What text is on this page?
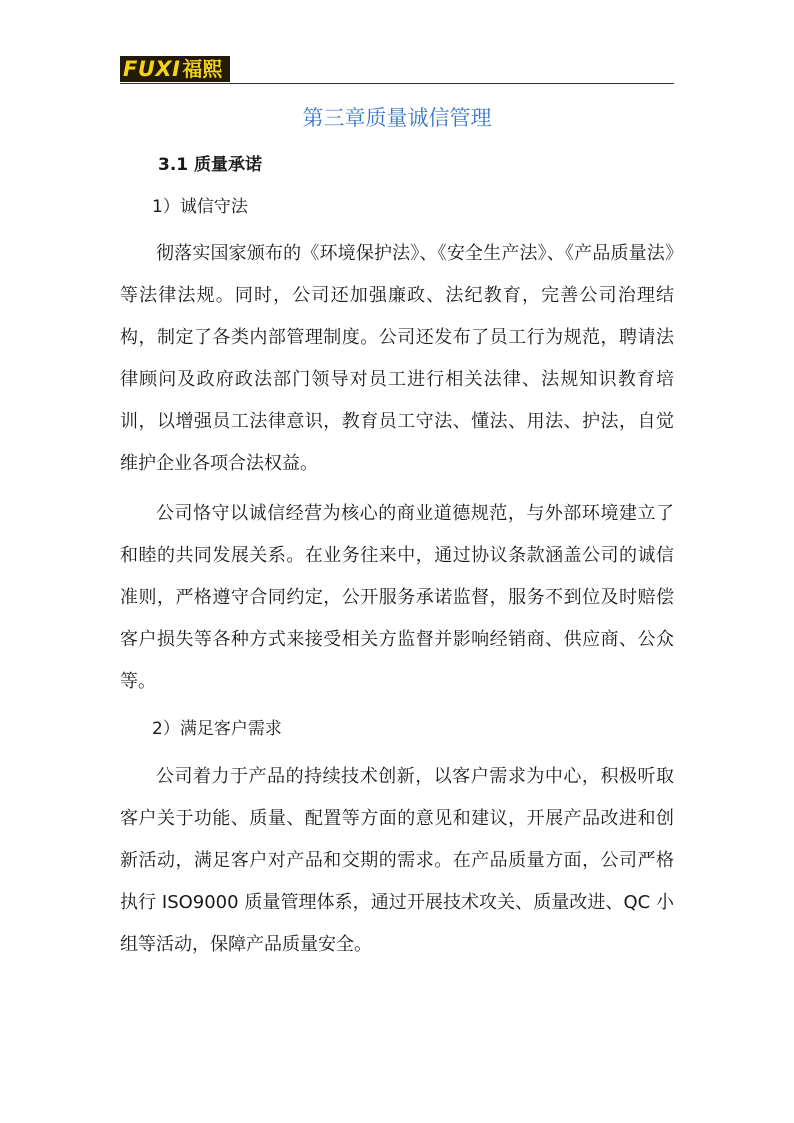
FUXI 福熙
第三章质量诚信管理
3.1 质量承诺
1）诚信守法
彻落实国家颁布的《环境保护法》、《安全生产法》、《产品质量法》等法律法规。同时，公司还加强廉政、法纪教育，完善公司治理结构，制定了各类内部管理制度。公司还发布了员工行为规范，聘请法律顾问及政府政法部门领导对员工进行相关法律、法规知识教育培训，以增强员工法律意识，教育员工守法、懂法、用法、护法，自觉维护企业各项合法权益。
公司恪守以诚信经营为核心的商业道德规范，与外部环境建立了和睦的共同发展关系。在业务往来中，通过协议条款涵盖公司的诚信准则，严格遵守合同约定，公开服务承诺监督，服务不到位及时赔偿客户损失等各种方式来接受相关方监督并影响经销商、供应商、公众等。
2）满足客户需求
公司着力于产品的持续技术创新，以客户需求为中心，积极听取客户关于功能、质量、配置等方面的意见和建议，开展产品改进和创新活动，满足客户对产品和交期的需求。在产品质量方面，公司严格执行 ISO9000 质量管理体系，通过开展技术攻关、质量改进、QC 小组等活动，保障产品质量安全。
